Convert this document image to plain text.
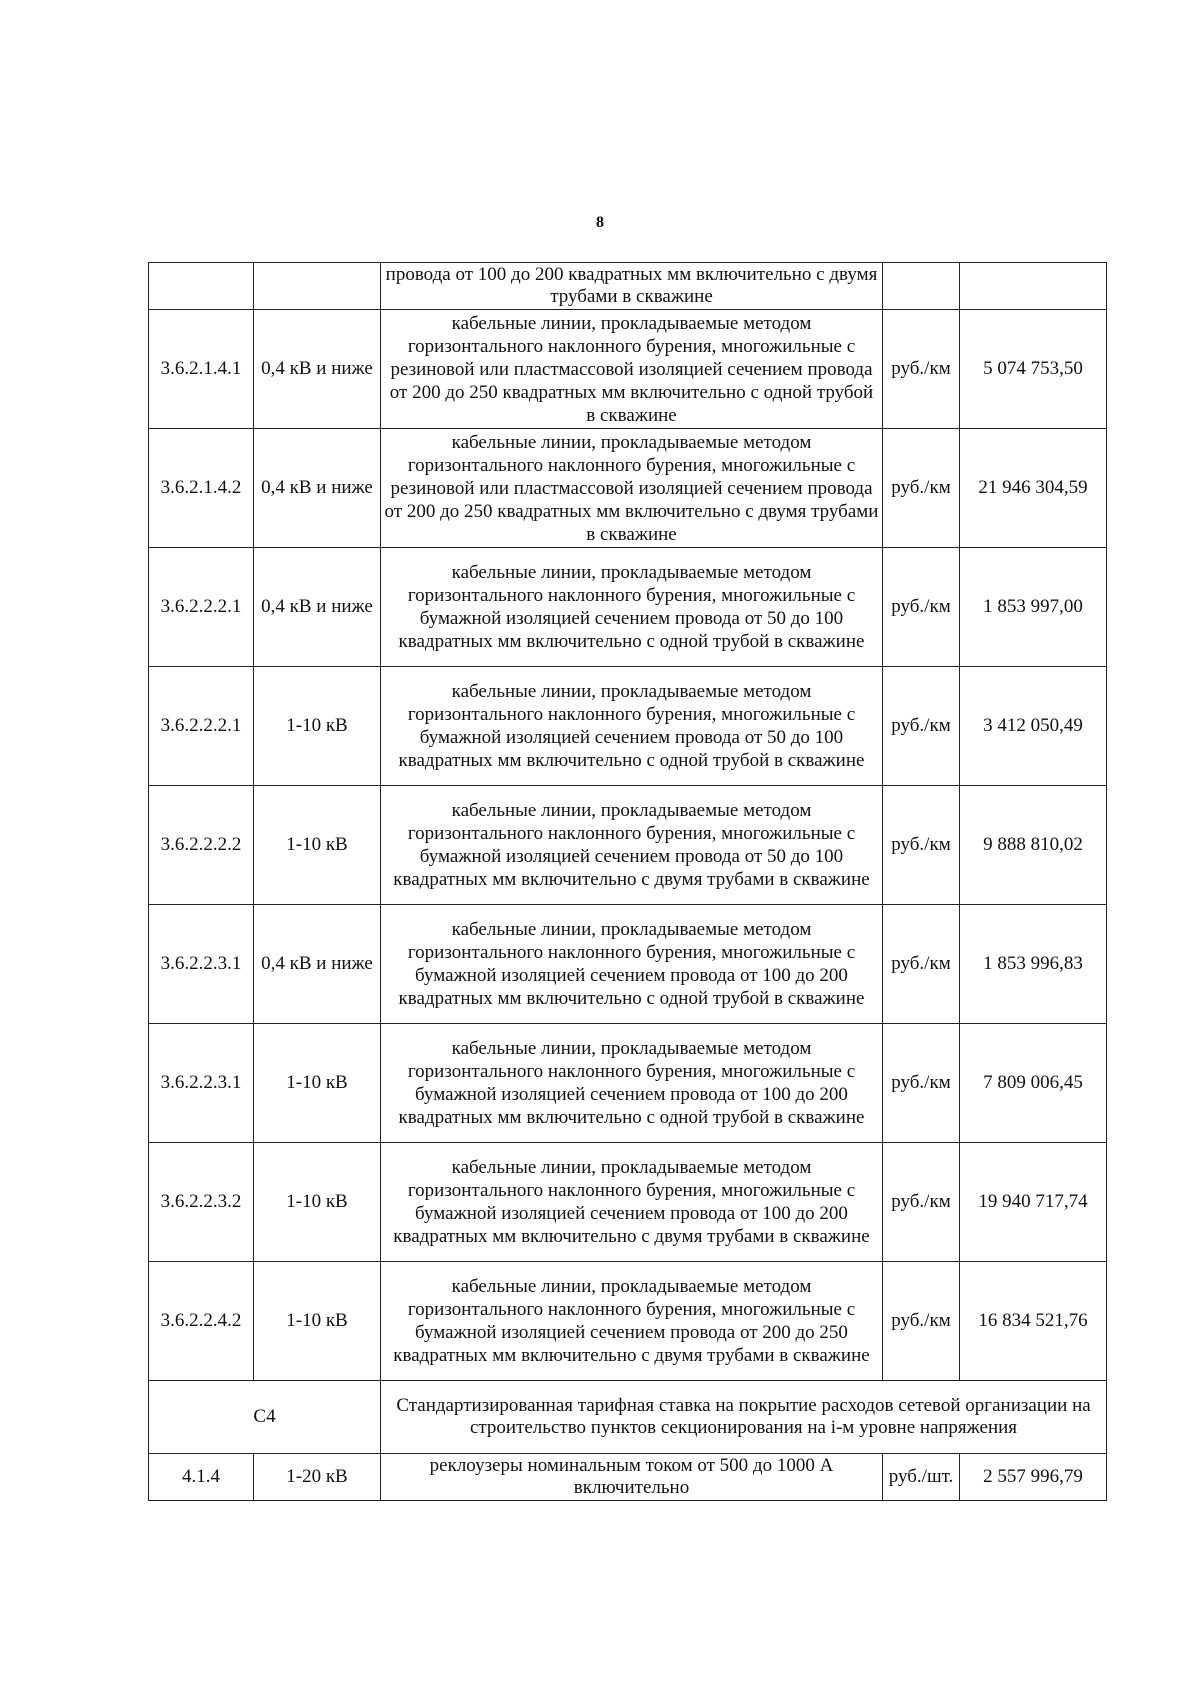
8
		провода от 100 до 200 квадратных мм включительно с двумя трубами в скважине		
3.6.2.1.4.1	0,4 кВ и ниже	кабельные линии, прокладываемые методом горизонтального наклонного бурения, многожильные с резиновой или пластмассовой изоляцией сечением провода от 200 до 250 квадратных мм включительно с одной трубой в скважине	руб./км	5 074 753,50
3.6.2.1.4.2	0,4 кВ и ниже	кабельные линии, прокладываемые методом горизонтального наклонного бурения, многожильные с резиновой или пластмассовой изоляцией сечением провода от 200 до 250 квадратных мм включительно с двумя трубами в скважине	руб./км	21 946 304,59
3.6.2.2.2.1	0,4 кВ и ниже	кабельные линии, прокладываемые методом горизонтального наклонного бурения, многожильные с бумажной изоляцией сечением провода от 50 до 100 квадратных мм включительно с одной трубой в скважине	руб./км	1 853 997,00
3.6.2.2.2.1	1-10 кВ	кабельные линии, прокладываемые методом горизонтального наклонного бурения, многожильные с бумажной изоляцией сечением провода от 50 до 100 квадратных мм включительно с одной трубой в скважине	руб./км	3 412 050,49
3.6.2.2.2.2	1-10 кВ	кабельные линии, прокладываемые методом горизонтального наклонного бурения, многожильные с бумажной изоляцией сечением провода от 50 до 100 квадратных мм включительно с двумя трубами в скважине	руб./км	9 888 810,02
3.6.2.2.3.1	0,4 кВ и ниже	кабельные линии, прокладываемые методом горизонтального наклонного бурения, многожильные с бумажной изоляцией сечением провода от 100 до 200 квадратных мм включительно с одной трубой в скважине	руб./км	1 853 996,83
3.6.2.2.3.1	1-10 кВ	кабельные линии, прокладываемые методом горизонтального наклонного бурения, многожильные с бумажной изоляцией сечением провода от 100 до 200 квадратных мм включительно с одной трубой в скважине	руб./км	7 809 006,45
3.6.2.2.3.2	1-10 кВ	кабельные линии, прокладываемые методом горизонтального наклонного бурения, многожильные с бумажной изоляцией сечением провода от 100 до 200 квадратных мм включительно с двумя трубами в скважине	руб./км	19 940 717,74
3.6.2.2.4.2	1-10 кВ	кабельные линии, прокладываемые методом горизонтального наклонного бурения, многожильные с бумажной изоляцией сечением провода от 200 до 250 квадратных мм включительно с двумя трубами в скважине	руб./км	16 834 521,76
С4		Стандартизированная тарифная ставка на покрытие расходов сетевой организации на строительство пунктов секционирования на i-м уровне напряжения		
4.1.4	1-20 кВ	реклоузеры номинальным током от 500 до 1000 А включительно	руб./шт.	2 557 996,79
